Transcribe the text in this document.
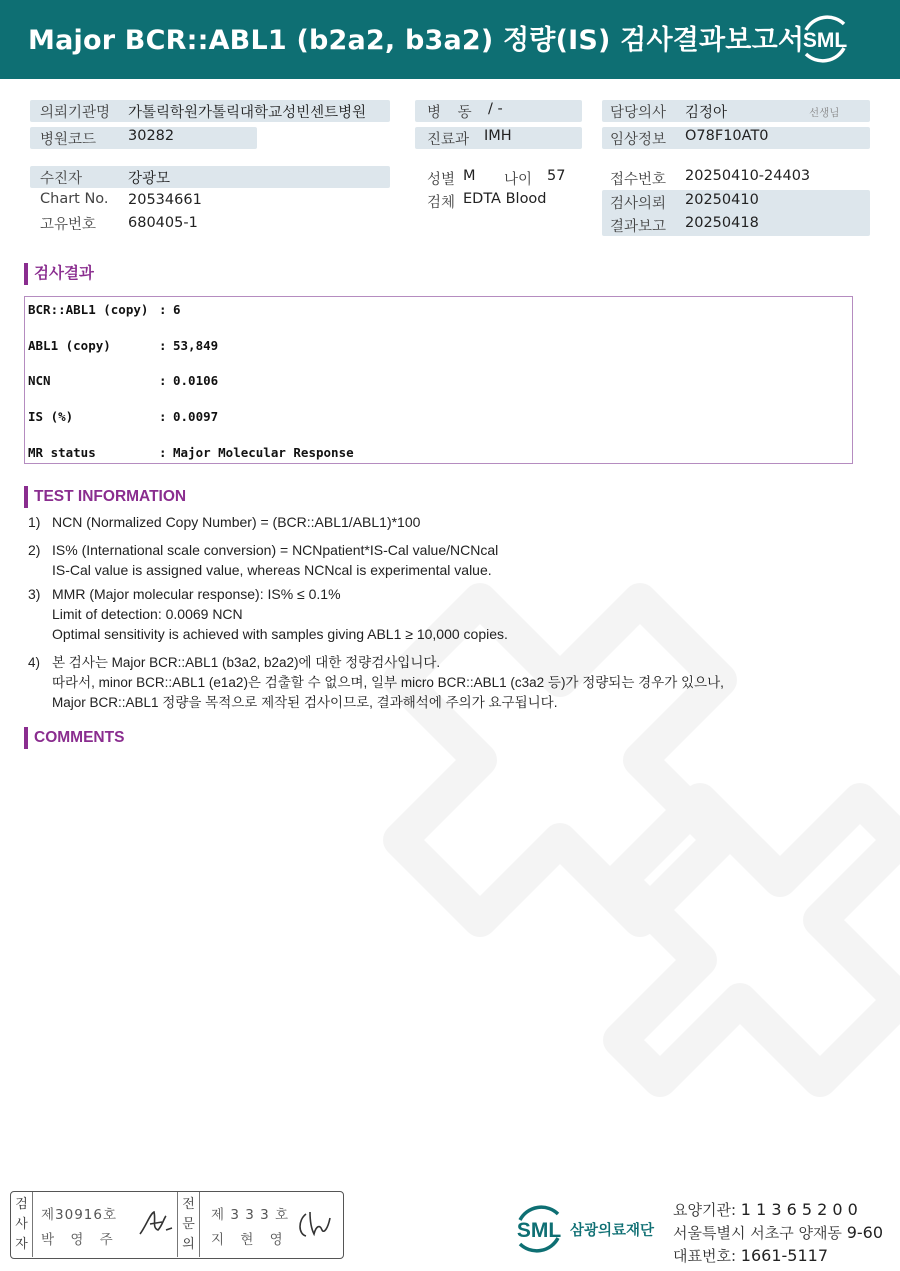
Major BCR::ABL1 (b2a2, b3a2) 정량(IS) 검사결과보고서
SML
의뢰기관명 가톨릭학원가톨릭대학교성빈센트병원
병원코드 30282
병 동 / -
진료과 IMH
담당의사 김정아	선생님
임상정보 O78F10AT0
수진자	강광모
Chart No. 20534661
고유번호 680405-1
성별 M 나이 57
검체 EDTA Blood
접수번호 20250410-24403
검사의뢰 20250410
결과보고 20250418
검사결과
BCR::ABL1 (copy) : 6
ABL1 (copy)	: 53,849
NCN	: 0.0106
IS (%)	: 0.0097
MR status	: Major Molecular Response
TEST INFORMATION
1) NCN (Normalized Copy Number) = (BCR::ABL1/ABL1)*100
2) IS% (International scale conversion) = NCNpatient*IS-Cal value/NCNcal
IS-Cal value is assigned value, whereas NCNcal is experimental value.
3) MMR (Major molecular response): IS% ≤ 0.1%
Limit of detection: 0.0069 NCN
Optimal sensitivity is achieved with samples giving ABL1 ≥ 10,000 copies.
4) 본 검사는 Major BCR::ABL1 (b3a2, b2a2)에 대한 정량검사입니다.
따라서, minor BCR::ABL1 (e1a2)은 검출할 수 없으며, 일부 micro BCR::ABL1 (c3a2 등)가 정량되는 경우가 있으나,
Major BCR::ABL1 정량을 목적으로 제작된 검사이므로, 결과해석에 주의가 요구됩니다.
COMMENTS
검
사
자
제30916호
박 영 주
전
문
의
제 3 3 3 호
지 현 영	SML 삼광의료재단
요양기관: 1 1 3 6 5 2 0 0
서울특별시 서초구 양재동 9-60
대표번호: 1661-5117
